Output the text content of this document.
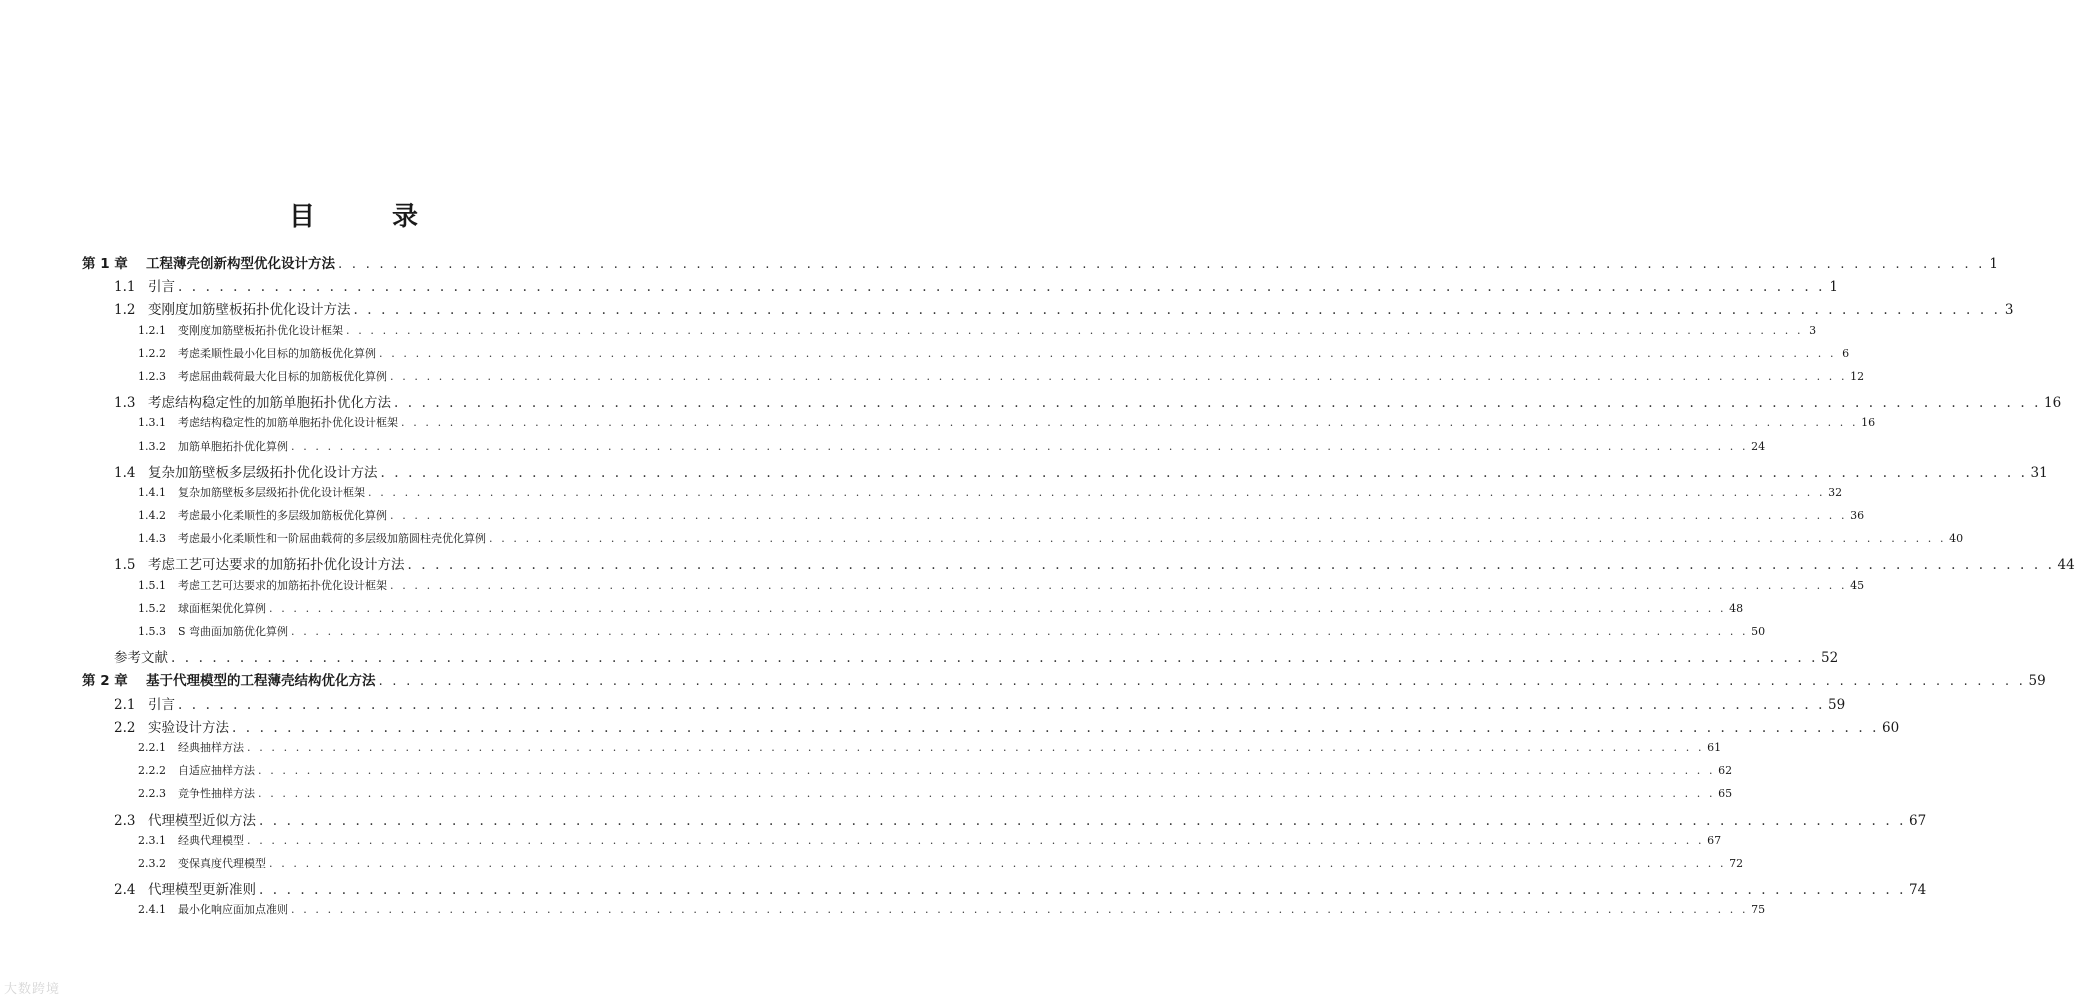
目 录
第 1 章	工程薄壳创新构型优化设计方法 . . . . . . . . . . . . . . . . . . . . . . . . . . . . . . . . . . . . . . . . . . . . . . . . . . . . . . . . . . . . . . . . . . . . . . . . . . . . . . . . . . . . . . . . . . . . . . . . . . . . . . . . . . . . . . . . . . . . . . . . 1
1.1 引言 . . . . . . . . . . . . . . . . . . . . . . . . . . . . . . . . . . . . . . . . . . . . . . . . . . . . . . . . . . . . . . . . . . . . . . . . . . . . . . . . . . . . . . . . . . . . . . . . . . . . . . . . . . . . . . . . . . . . . . . . 1
1.2 变刚度加筋壁板拓扑优化设计方法 . . . . . . . . . . . . . . . . . . . . . . . . . . . . . . . . . . . . . . . . . . . . . . . . . . . . . . . . . . . . . . . . . . . . . . . . . . . . . . . . . . . . . . . . . . . . . . . . . . . . . . . . . . . . . . . . . . . . . . . . 3
1.2.1	变刚度加筋壁板拓扑优化设计框架 . . . . . . . . . . . . . . . . . . . . . . . . . . . . . . . . . . . . . . . . . . . . . . . . . . . . . . . . . . . . . . . . . . . . . . . . . . . . . . . . . . . . . . . . . . . . . . . . . . . . . . . . . . . . . . . . . . . . . . . . 3
1.2.2	考虑柔顺性最小化目标的加筋板优化算例 . . . . . . . . . . . . . . . . . . . . . . . . . . . . . . . . . . . . . . . . . . . . . . . . . . . . . . . . . . . . . . . . . . . . . . . . . . . . . . . . . . . . . . . . . . . . . . . . . . . . . . . . . . . . . . . . . . . . . . . . 6
1.2.3	考虑屈曲载荷最大化目标的加筋板优化算例 . . . . . . . . . . . . . . . . . . . . . . . . . . . . . . . . . . . . . . . . . . . . . . . . . . . . . . . . . . . . . . . . . . . . . . . . . . . . . . . . . . . . . . . . . . . . . . . . . . . . . . . . . . . . . . . . . . . . . . . . 12
1.3 考虑结构稳定性的加筋单胞拓扑优化方法 . . . . . . . . . . . . . . . . . . . . . . . . . . . . . . . . . . . . . . . . . . . . . . . . . . . . . . . . . . . . . . . . . . . . . . . . . . . . . . . . . . . . . . . . . . . . . . . . . . . . . . . . . . . . . . . . . . . . . . . . 16
1.3.1	考虑结构稳定性的加筋单胞拓扑优化设计框架 . . . . . . . . . . . . . . . . . . . . . . . . . . . . . . . . . . . . . . . . . . . . . . . . . . . . . . . . . . . . . . . . . . . . . . . . . . . . . . . . . . . . . . . . . . . . . . . . . . . . . . . . . . . . . . . . . . . . . . . . 16
1.3.2	加筋单胞拓扑优化算例 . . . . . . . . . . . . . . . . . . . . . . . . . . . . . . . . . . . . . . . . . . . . . . . . . . . . . . . . . . . . . . . . . . . . . . . . . . . . . . . . . . . . . . . . . . . . . . . . . . . . . . . . . . . . . . . . . . . . . . . . 24
1.4 复杂加筋壁板多层级拓扑优化设计方法 . . . . . . . . . . . . . . . . . . . . . . . . . . . . . . . . . . . . . . . . . . . . . . . . . . . . . . . . . . . . . . . . . . . . . . . . . . . . . . . . . . . . . . . . . . . . . . . . . . . . . . . . . . . . . . . . . . . . . . . . 31
1.4.1	复杂加筋壁板多层级拓扑优化设计框架 . . . . . . . . . . . . . . . . . . . . . . . . . . . . . . . . . . . . . . . . . . . . . . . . . . . . . . . . . . . . . . . . . . . . . . . . . . . . . . . . . . . . . . . . . . . . . . . . . . . . . . . . . . . . . . . . . . . . . . . . 32
1.4.2	考虑最小化柔顺性的多层级加筋板优化算例 . . . . . . . . . . . . . . . . . . . . . . . . . . . . . . . . . . . . . . . . . . . . . . . . . . . . . . . . . . . . . . . . . . . . . . . . . . . . . . . . . . . . . . . . . . . . . . . . . . . . . . . . . . . . . . . . . . . . . . . . 36
1.4.3	考虑最小化柔顺性和一阶屈曲载荷的多层级加筋圆柱壳优化算例 . . . . . . . . . . . . . . . . . . . . . . . . . . . . . . . . . . . . . . . . . . . . . . . . . . . . . . . . . . . . . . . . . . . . . . . . . . . . . . . . . . . . . . . . . . . . . . . . . . . . . . . . . . . . . . . . . . . . . . . . 40
1.5 考虑工艺可达要求的加筋拓扑优化设计方法 . . . . . . . . . . . . . . . . . . . . . . . . . . . . . . . . . . . . . . . . . . . . . . . . . . . . . . . . . . . . . . . . . . . . . . . . . . . . . . . . . . . . . . . . . . . . . . . . . . . . . . . . . . . . . . . . . . . . . . . . 44
1.5.1	考虑工艺可达要求的加筋拓扑优化设计框架 . . . . . . . . . . . . . . . . . . . . . . . . . . . . . . . . . . . . . . . . . . . . . . . . . . . . . . . . . . . . . . . . . . . . . . . . . . . . . . . . . . . . . . . . . . . . . . . . . . . . . . . . . . . . . . . . . . . . . . . . 45
1.5.2	球面框架优化算例 . . . . . . . . . . . . . . . . . . . . . . . . . . . . . . . . . . . . . . . . . . . . . . . . . . . . . . . . . . . . . . . . . . . . . . . . . . . . . . . . . . . . . . . . . . . . . . . . . . . . . . . . . . . . . . . . . . . . . . . . 48
1.5.3	S 弯曲面加筋优化算例 . . . . . . . . . . . . . . . . . . . . . . . . . . . . . . . . . . . . . . . . . . . . . . . . . . . . . . . . . . . . . . . . . . . . . . . . . . . . . . . . . . . . . . . . . . . . . . . . . . . . . . . . . . . . . . . . . . . . . . . . 50
参考文献 . . . . . . . . . . . . . . . . . . . . . . . . . . . . . . . . . . . . . . . . . . . . . . . . . . . . . . . . . . . . . . . . . . . . . . . . . . . . . . . . . . . . . . . . . . . . . . . . . . . . . . . . . . . . . . . . . . . . . . . . 52
第 2 章	基于代理模型的工程薄壳结构优化方法 . . . . . . . . . . . . . . . . . . . . . . . . . . . . . . . . . . . . . . . . . . . . . . . . . . . . . . . . . . . . . . . . . . . . . . . . . . . . . . . . . . . . . . . . . . . . . . . . . . . . . . . . . . . . . . . . . . . . . . . . 59
2.1 引言 . . . . . . . . . . . . . . . . . . . . . . . . . . . . . . . . . . . . . . . . . . . . . . . . . . . . . . . . . . . . . . . . . . . . . . . . . . . . . . . . . . . . . . . . . . . . . . . . . . . . . . . . . . . . . . . . . . . . . . . . 59
2.2 实验设计方法 . . . . . . . . . . . . . . . . . . . . . . . . . . . . . . . . . . . . . . . . . . . . . . . . . . . . . . . . . . . . . . . . . . . . . . . . . . . . . . . . . . . . . . . . . . . . . . . . . . . . . . . . . . . . . . . . . . . . . . . . 60
2.2.1	经典抽样方法 . . . . . . . . . . . . . . . . . . . . . . . . . . . . . . . . . . . . . . . . . . . . . . . . . . . . . . . . . . . . . . . . . . . . . . . . . . . . . . . . . . . . . . . . . . . . . . . . . . . . . . . . . . . . . . . . . . . . . . . . 61
2.2.2	自适应抽样方法 . . . . . . . . . . . . . . . . . . . . . . . . . . . . . . . . . . . . . . . . . . . . . . . . . . . . . . . . . . . . . . . . . . . . . . . . . . . . . . . . . . . . . . . . . . . . . . . . . . . . . . . . . . . . . . . . . . . . . . . . 62
2.2.3	竞争性抽样方法 . . . . . . . . . . . . . . . . . . . . . . . . . . . . . . . . . . . . . . . . . . . . . . . . . . . . . . . . . . . . . . . . . . . . . . . . . . . . . . . . . . . . . . . . . . . . . . . . . . . . . . . . . . . . . . . . . . . . . . . . 65
2.3 代理模型近似方法 . . . . . . . . . . . . . . . . . . . . . . . . . . . . . . . . . . . . . . . . . . . . . . . . . . . . . . . . . . . . . . . . . . . . . . . . . . . . . . . . . . . . . . . . . . . . . . . . . . . . . . . . . . . . . . . . . . . . . . . . 67
2.3.1	经典代理模型 . . . . . . . . . . . . . . . . . . . . . . . . . . . . . . . . . . . . . . . . . . . . . . . . . . . . . . . . . . . . . . . . . . . . . . . . . . . . . . . . . . . . . . . . . . . . . . . . . . . . . . . . . . . . . . . . . . . . . . . . 67
2.3.2	变保真度代理模型 . . . . . . . . . . . . . . . . . . . . . . . . . . . . . . . . . . . . . . . . . . . . . . . . . . . . . . . . . . . . . . . . . . . . . . . . . . . . . . . . . . . . . . . . . . . . . . . . . . . . . . . . . . . . . . . . . . . . . . . . 72
2.4 代理模型更新准则 . . . . . . . . . . . . . . . . . . . . . . . . . . . . . . . . . . . . . . . . . . . . . . . . . . . . . . . . . . . . . . . . . . . . . . . . . . . . . . . . . . . . . . . . . . . . . . . . . . . . . . . . . . . . . . . . . . . . . . . . 74
2.4.1	最小化响应面加点准则 . . . . . . . . . . . . . . . . . . . . . . . . . . . . . . . . . . . . . . . . . . . . . . . . . . . . . . . . . . . . . . . . . . . . . . . . . . . . . . . . . . . . . . . . . . . . . . . . . . . . . . . . . . . . . . . . . . . . . . . . 75
大数跨境
